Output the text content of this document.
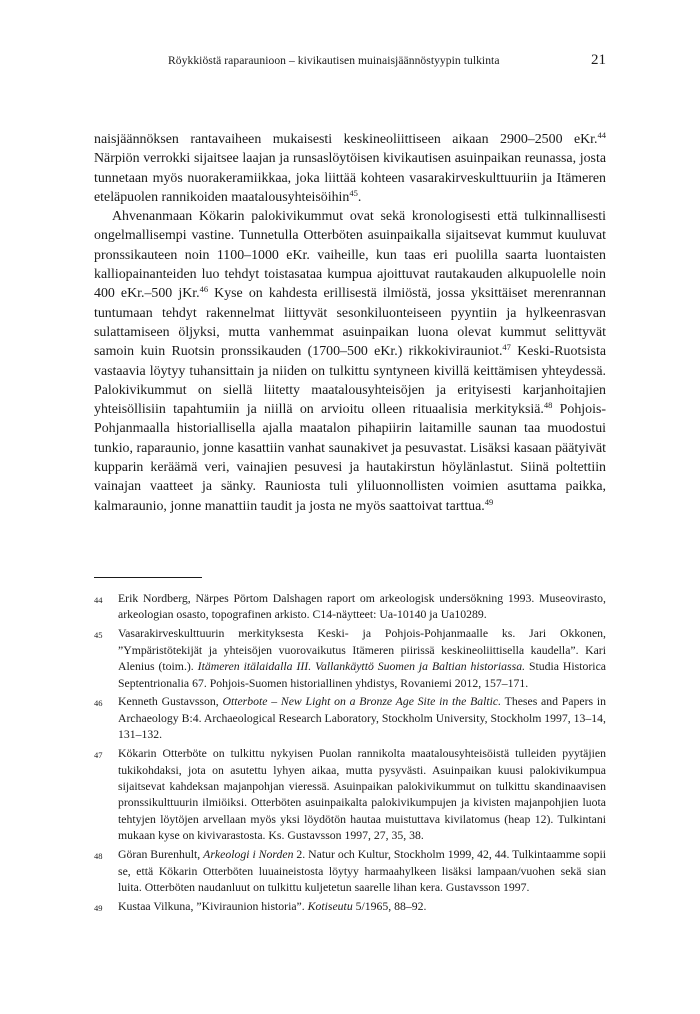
Röykkiöstä raparaunioon – kivikautisen muinaisjäännöstyypin tulkinta	21

naisjäännöksen rantavaiheen mukaisesti keskineoliittiseen aikaan 2900–2500 eKr.$^{44}$ Närpiön verrokki sijaitsee laajan ja runsaslöytöisen kivikautisen asuinpaikan reunassa, josta tunnetaan myös nuorakeramiikkaa, joka liittää kohteen vasarakirveskulttuuriin ja Itämeren eteläpuolen rannikoiden maatalousyhteisöihin$^{45}$.

Ahvenanmaan Kökarin palokivikummut ovat sekä kronologisesti että tulkinnallisesti ongelmallisempi vastine. Tunnetulla Otterböten asuinpaikalla sijaitsevat kummut kuuluvat pronssikauteen noin 1100–1000 eKr. vaiheille, kun taas eri puolilla saarta luontaisten kalliopainanteiden luo tehdyt toistasataa kumpua ajoittuvat rautakauden alkupuolelle noin 400 eKr.–500 jKr.$^{46}$ Kyse on kahdesta erillisestä ilmiöstä, jossa yksittäiset merenrannan tuntumaan tehdyt rakennelmat liittyvät sesonkiluonteiseen pyyntiin ja hylkeenrasvan sulattamiseen öljyksi, mutta vanhemmat asuinpaikan luona olevat kummut selittyvät samoin kuin Ruotsin pronssikauden (1700–500 eKr.) rikkokivirauniot.$^{47}$ Keski-Ruotsista vastaavia löytyy tuhansittain ja niiden on tulkittu syntyneen kivillä keittämisen yhteydessä. Palokivikummut on siellä liitetty maatalousyhteisöjen ja erityisesti karjanhoitajien yhteisöllisiin tapahtumiin ja niillä on arvioitu olleen rituaalisia merkityksiä.$^{48}$ Pohjois-Pohjanmaalla historiallisella ajalla maatalon pihapiirin laitamille saunan taa muodostui tunkio, raparaunio, jonne kasattiin vanhat saunakivet ja pesuvastat. Lisäksi kasaan päätyivät kupparin keräämä veri, vainajien pesuvesi ja hautakirstun höylänlastut. Siinä poltettiin vainajan vaatteet ja sänky. Rauniosta tuli yliluonnollisten voimien asuttama paikka, kalmaraunio, jonne manattiin taudit ja josta ne myös saattoivat tarttua.$^{49}$

44 Erik Nordberg, Närpes Pörtom Dalshagen raport om arkeologisk undersökning 1993. Museovirasto, arkeologian osasto, topografinen arkisto. C14-näytteet: Ua-10140 ja Ua10289.
45 Vasarakirveskulttuurin merkityksesta Keski- ja Pohjois-Pohjanmaalle ks. Jari Okkonen, ”Ympäristötekijät ja yhteisöjen vuorovaikutus Itämeren piirissä keskineoliittisella kaudella”. Kari Alenius (toim.). Itämeren itälaidalla III. Vallankäyttö Suomen ja Baltian historiassa. Studia Historica Septentrionalia 67. Pohjois-Suomen historiallinen yhdistys, Rovaniemi 2012, 157–171.
46 Kenneth Gustavsson, Otterbote – New Light on a Bronze Age Site in the Baltic. Theses and Papers in Archaeology B:4. Archaeological Research Laboratory, Stockholm University, Stockholm 1997, 13–14, 131–132.
47 Kökarin Otterböte on tulkittu nykyisen Puolan rannikolta maatalousyhteisöistä tulleiden pyytäjien tukikohdaksi, jota on asutettu lyhyen aikaa, mutta pysyvästi. Asuinpaikan kuusi palokivikumpua sijaitsevat kahdeksan majanpohjan vieressä. Asuinpaikan palokivikummut on tulkittu skandinaavisen pronssikulttuurin ilmiöiksi. Otterböten asuinpaikalta palokivikumpujen ja kivisten majanpohjien luota tehtyjen löytöjen arvellaan myös yksi löydötön hautaa muistuttava kivilatomus (heap 12). Tulkintani mukaan kyse on kivivarastosta. Ks. Gustavsson 1997, 27, 35, 38.
48 Göran Burenhult, Arkeologi i Norden 2. Natur och Kultur, Stockholm 1999, 42, 44. Tulkintaamme sopii se, että Kökarin Otterböten luuaineistosta löytyy harmaahylkeen lisäksi lampaan/vuohen sekä sian luita. Otterböten naudanluut on tulkittu kuljetetun saarelle lihan kera. Gustavsson 1997.
49 Kustaa Vilkuna, ”Kiviraunion historia”. Kotiseutu 5/1965, 88–92.
